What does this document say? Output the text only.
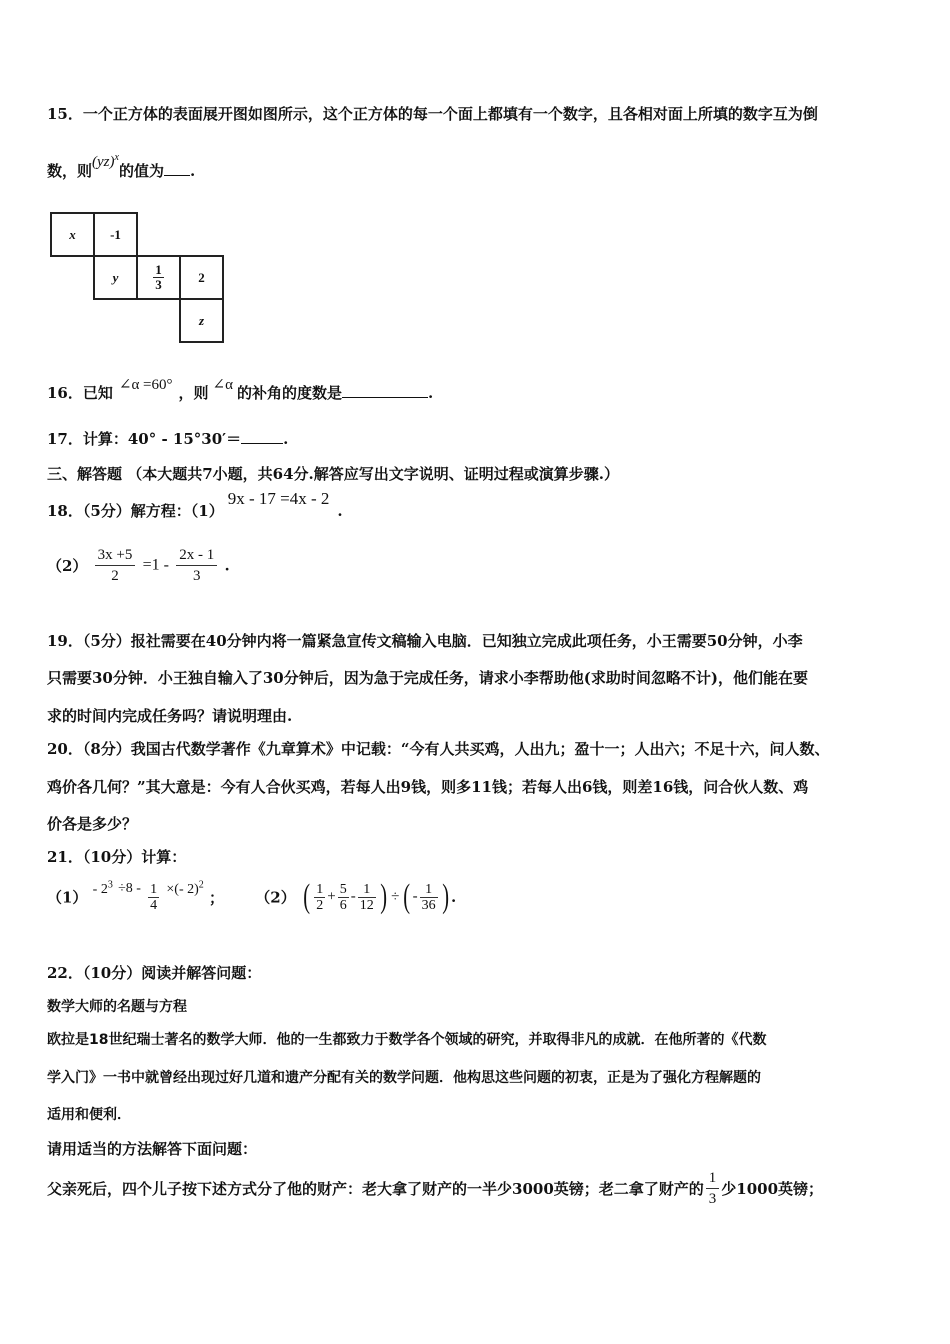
15．一个正方体的表面展开图如图所示，这个正方体的每一个面上都填有一个数字，且各相对面上所填的数字互为倒
数，则(yz)$^x$的值为 .
x	-1
y	$\frac{1}{3}$	2
z
16．已知 ∠α =60° ，则 ∠α 的补角的度数是	.
17．计算：40° - 15°30′＝	.
三、解答题 （本大题共7小题，共64分.解答应写出文字说明、证明过程或演算步骤.）
18．（5分）解方程：（1）9x - 17 =4x - 2.
$(2) \frac{3x +5}{2} =1 - \frac{2x - 1}{3}$ .
19．（5分）报社需要在40分钟内将一篇紧急宣传文稿输入电脑．已知独立完成此项任务，小王需要50分钟，小李
只需要30分钟．小王独自输入了30分钟后，因为急于完成任务，请求小李帮助他(求助时间忽略不计)，他们能在要
求的时间内完成任务吗？请说明理由.
20．（8分）我国古代数学著作《九章算术》中记载：“今有人共买鸡，人出九；盈十一；人出六；不足十六，问人数、
鸡价各几何？”其大意是：今有人合伙买鸡，若每人出9钱，则多11钱；若每人出6钱，则差16钱，问合伙人数、鸡
价各是多少？
21．（10分）计算：
$(1) - 2^3 \div 8 - \frac{1}{4}$ ×(- 2)$^2$ ； （2） ( $\frac{1}{2} + \frac{5}{6} - \frac{1}{12}$ ) ÷ ( - $\frac{1}{36}$ ) .
22．（10分）阅读并解答问题：
数学大师的名题与方程
欧拉是18世纪瑞士著名的数学大师．他的一生都致力于数学各个领域的研究，并取得非凡的成就．在他所著的《代数
学入门》一书中就曾经出现过好几道和遗产分配有关的数学问题．他构思这些问题的初衷，正是为了强化方程解题的
适用和便利．
请用适当的方法解答下面问题：
父亲死后，四个儿子按下述方式分了他的财产：老大拿了财产的一半少3000英镑；老二拿了财产的 $\frac{1}{3}$ 少1000英镑；
